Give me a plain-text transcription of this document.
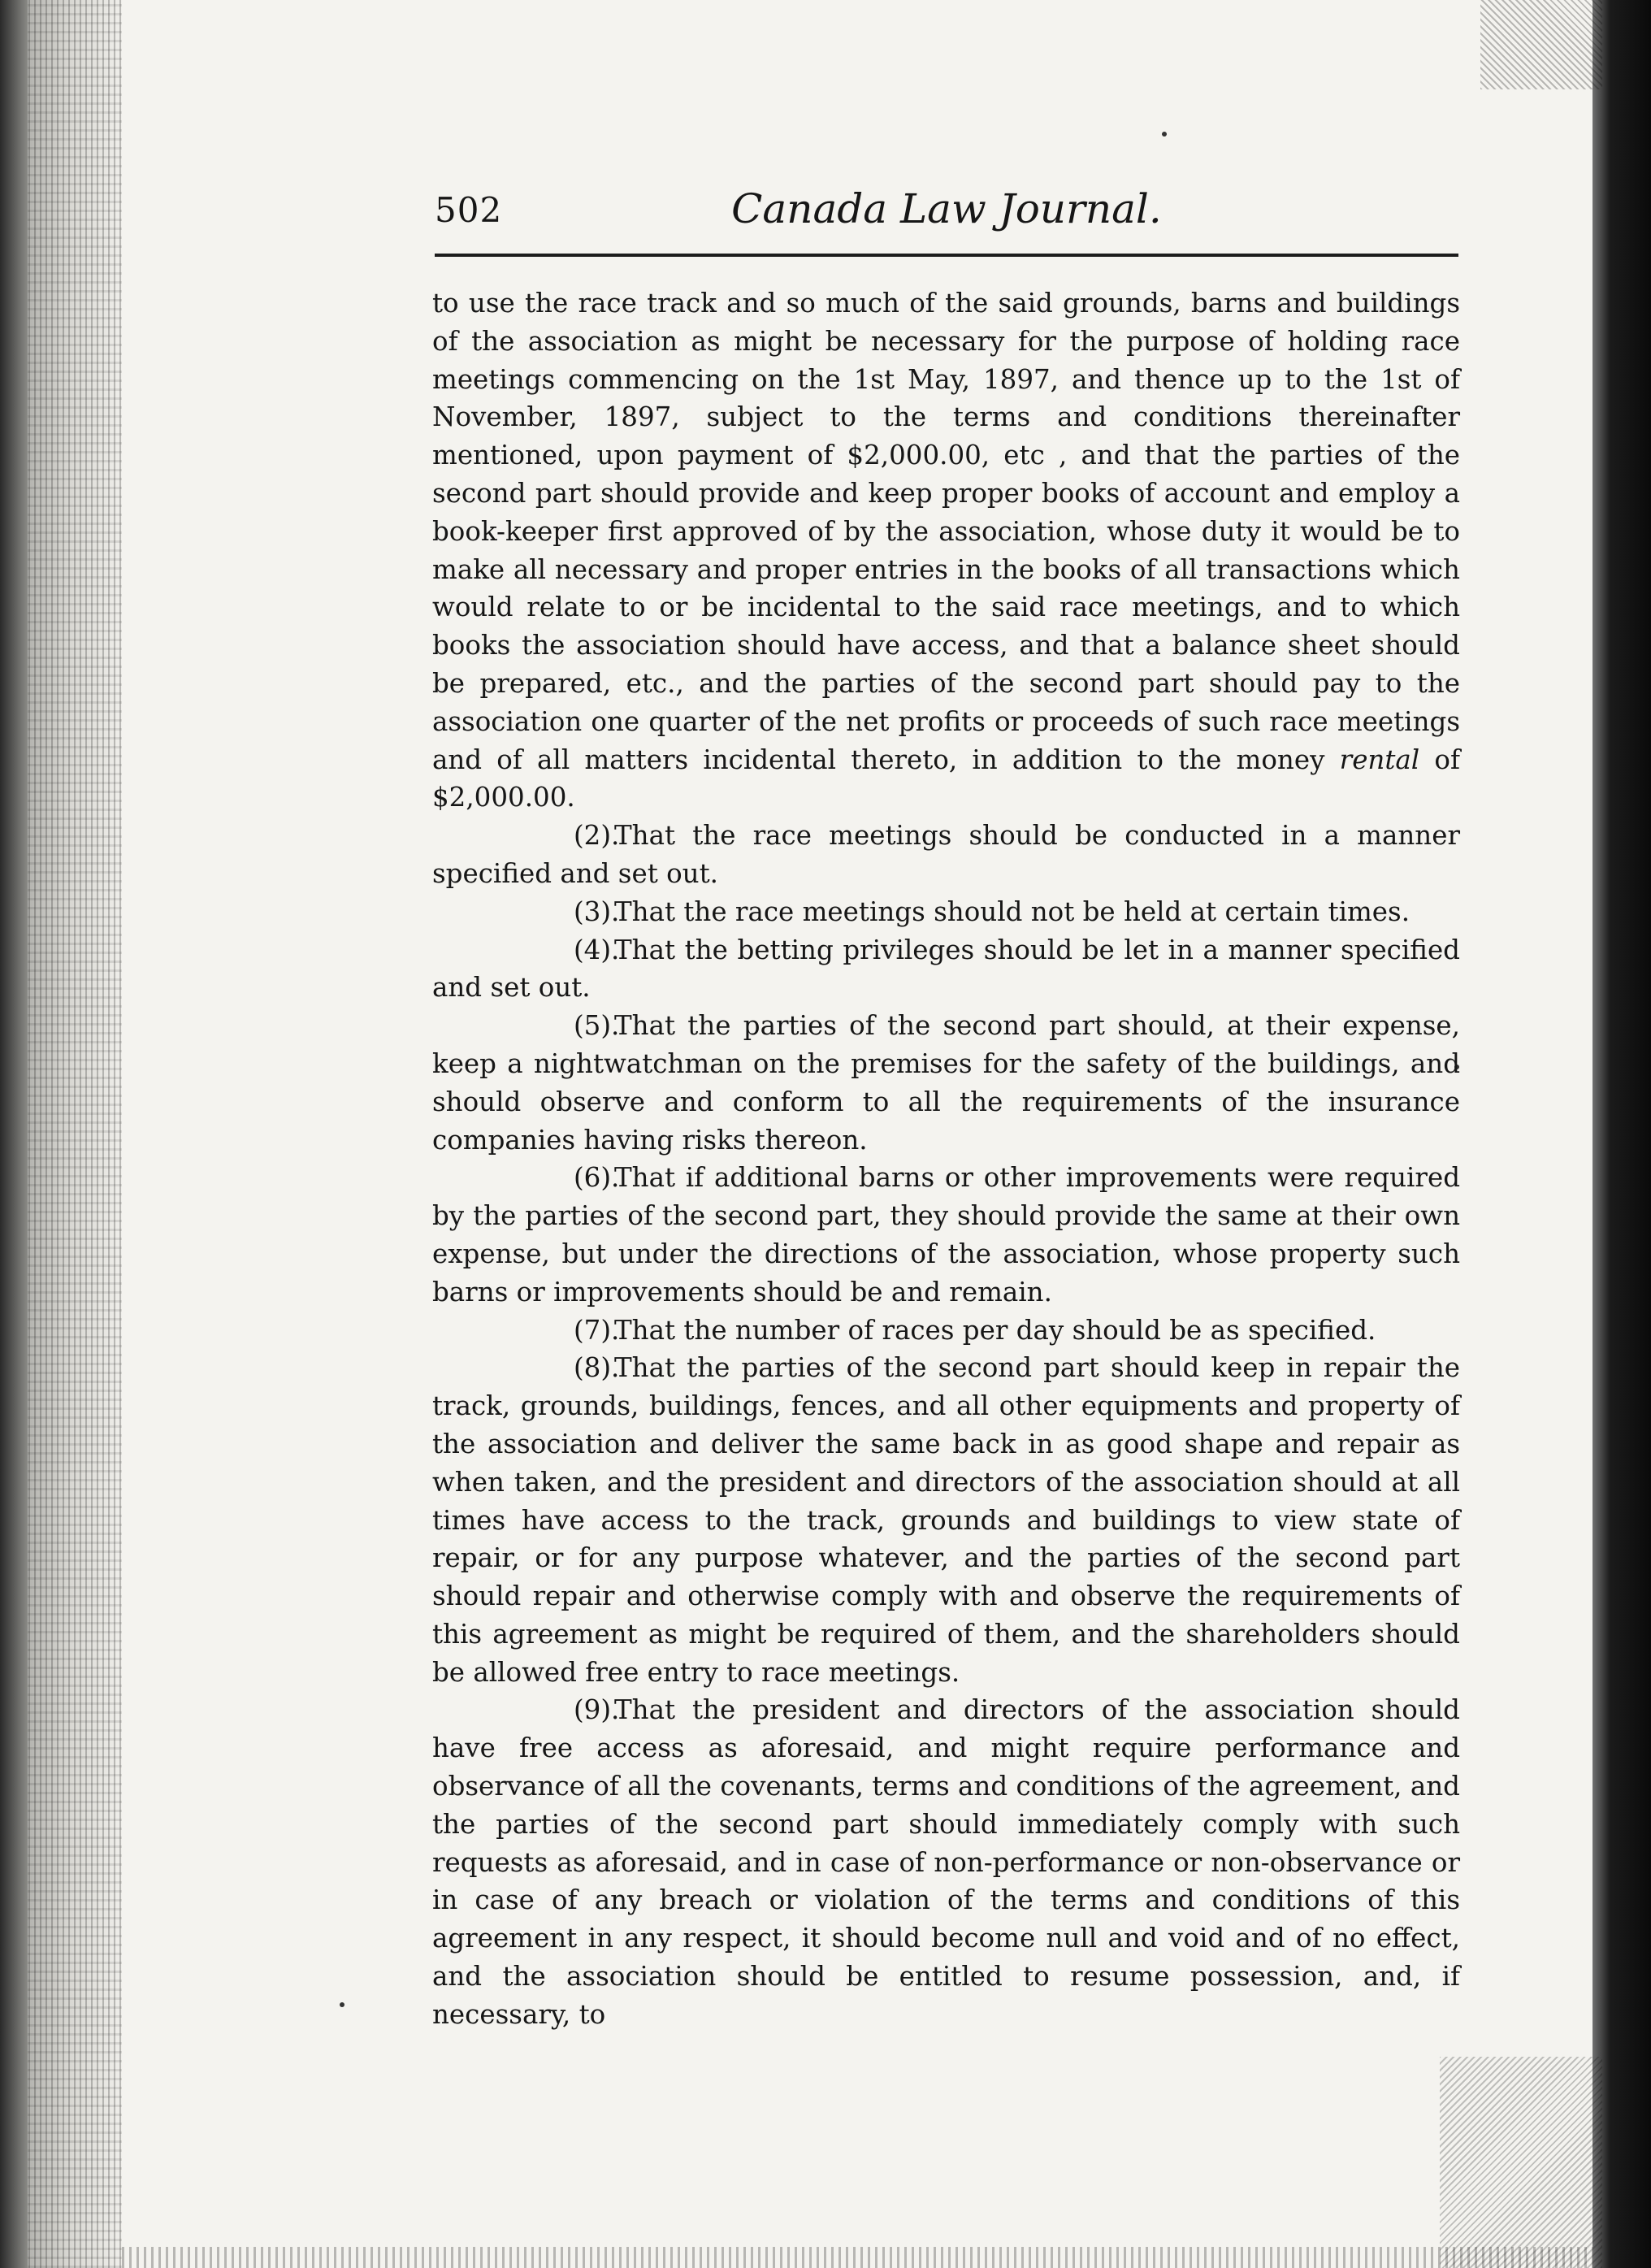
502	Canada Law Journal.

to use the race track and so much of the said grounds, barns and buildings of the association as might be necessary for the purpose of holding race meetings commencing on the 1st May, 1897, and thence up to the 1st of November, 1897, subject to the terms and conditions thereinafter mentioned, upon payment of $2,000.00, etc , and that the parties of the second part should provide and keep proper books of account and employ a book-keeper first approved of by the association, whose duty it would be to make all necessary and proper entries in the books of all transactions which would relate to or be incidental to the said race meetings, and to which books the association should have access, and that a balance sheet should be prepared, etc., and the parties of the second part should pay to the association one quarter of the net profits or proceeds of such race meetings and of all matters incidental thereto, in addition to the money rental of $2,000.00.

(2).That the race meetings should be conducted in a manner specified and set out.

(3).That the race meetings should not be held at certain times.

(4).That the betting privileges should be let in a manner specified and set out.

(5).That the parties of the second part should, at their expense, keep a nightwatchman on the premises for the safety of the buildings, and should observe and conform to all the requirements of the insurance companies having risks thereon.

(6).That if additional barns or other improvements were required by the parties of the second part, they should provide the same at their own expense, but under the directions of the association, whose property such barns or improvements should be and remain.

(7).That the number of races per day should be as specified.

(8).That the parties of the second part should keep in repair the track, grounds, buildings, fences, and all other equipments and property of the association and deliver the same back in as good shape and repair as when taken, and the president and directors of the association should at all times have access to the track, grounds and buildings to view state of repair, or for any purpose whatever, and the parties of the second part should repair and otherwise comply with and observe the requirements of this agreement as might be required of them, and the shareholders should be allowed free entry to race meetings.

(9).That the president and directors of the association should have free access as aforesaid, and might require performance and observance of all the covenants, terms and conditions of the agreement, and the parties of the second part should immediately comply with such requests as aforesaid, and in case of non-performance or non-observance or in case of any breach or violation of the terms and conditions of this agreement in any respect, it should become null and void and of no effect, and the association should be entitled to resume possession, and, if necessary, to
